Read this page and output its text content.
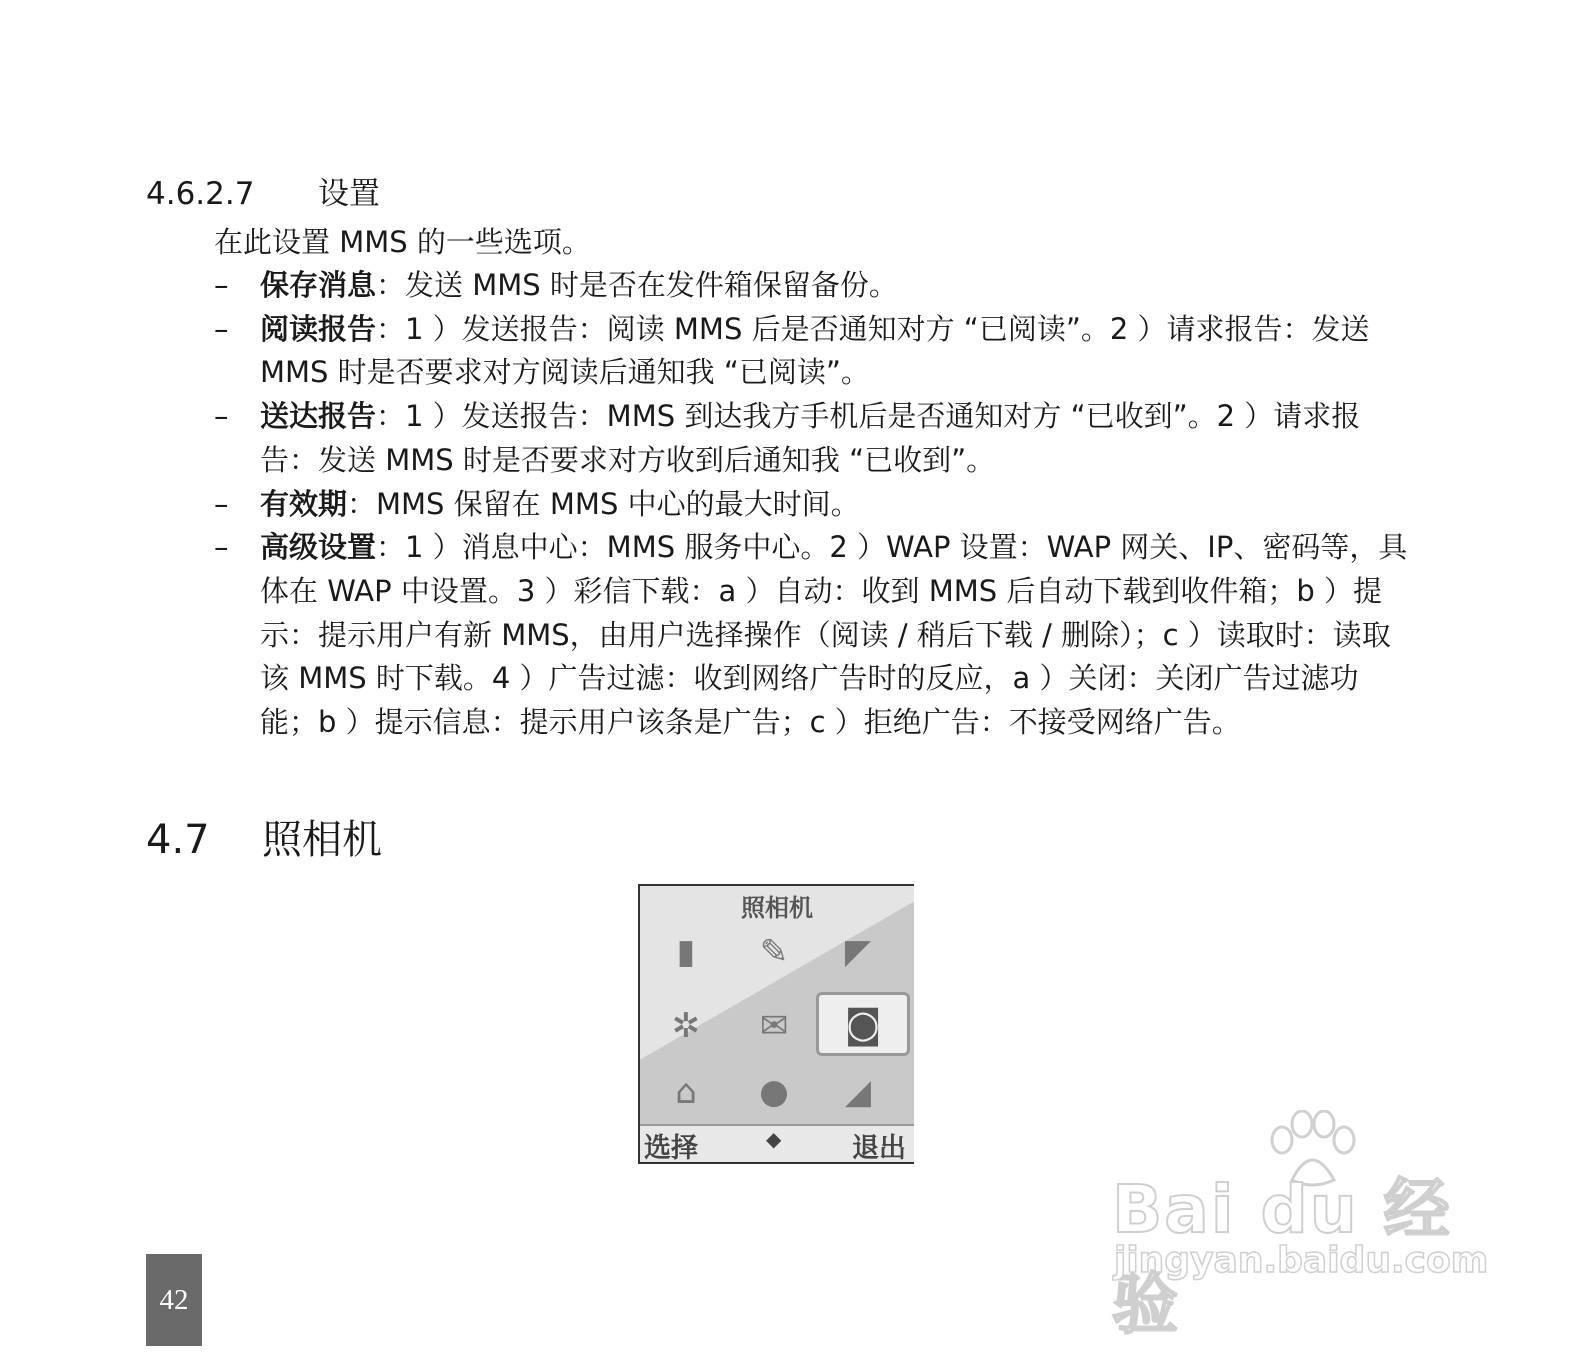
4.6.2.7 设置
在此设置 MMS 的一些选项。
– 保存消息：发送 MMS 时是否在发件箱保留备份。
– 阅读报告：1 ）发送报告：阅读 MMS 后是否通知对方 “已阅读”。2 ）请求报告：发送 MMS 时是否要求对方阅读后通知我 “已阅读”。
– 送达报告：1 ）发送报告：MMS 到达我方手机后是否通知对方 “已收到”。2 ）请求报告：发送 MMS 时是否要求对方收到后通知我 “已收到”。
– 有效期：MMS 保留在 MMS 中心的最大时间。
– 高级设置：1 ）消息中心：MMS 服务中心。2 ）WAP 设置：WAP 网关、IP、密码等，具体在 WAP 中设置。3 ）彩信下载：a ）自动：收到 MMS 后自动下载到收件箱；b ）提示：提示用户有新 MMS，由用户选择操作（阅读 / 稍后下载 / 删除）；c ）读取时：读取该 MMS 时下载。4 ）广告过滤：收到网络广告时的反应，a ）关闭：关闭广告过滤功能；b ）提示信息：提示用户该条是广告；c ）拒绝广告：不接受网络广告。
4.7 照相机
照相机
▮	✎	◤
✲	✉	◙
⌂	●	◢
选择	◆	退出
42
Bai du 经验
jingyan.baidu.com
